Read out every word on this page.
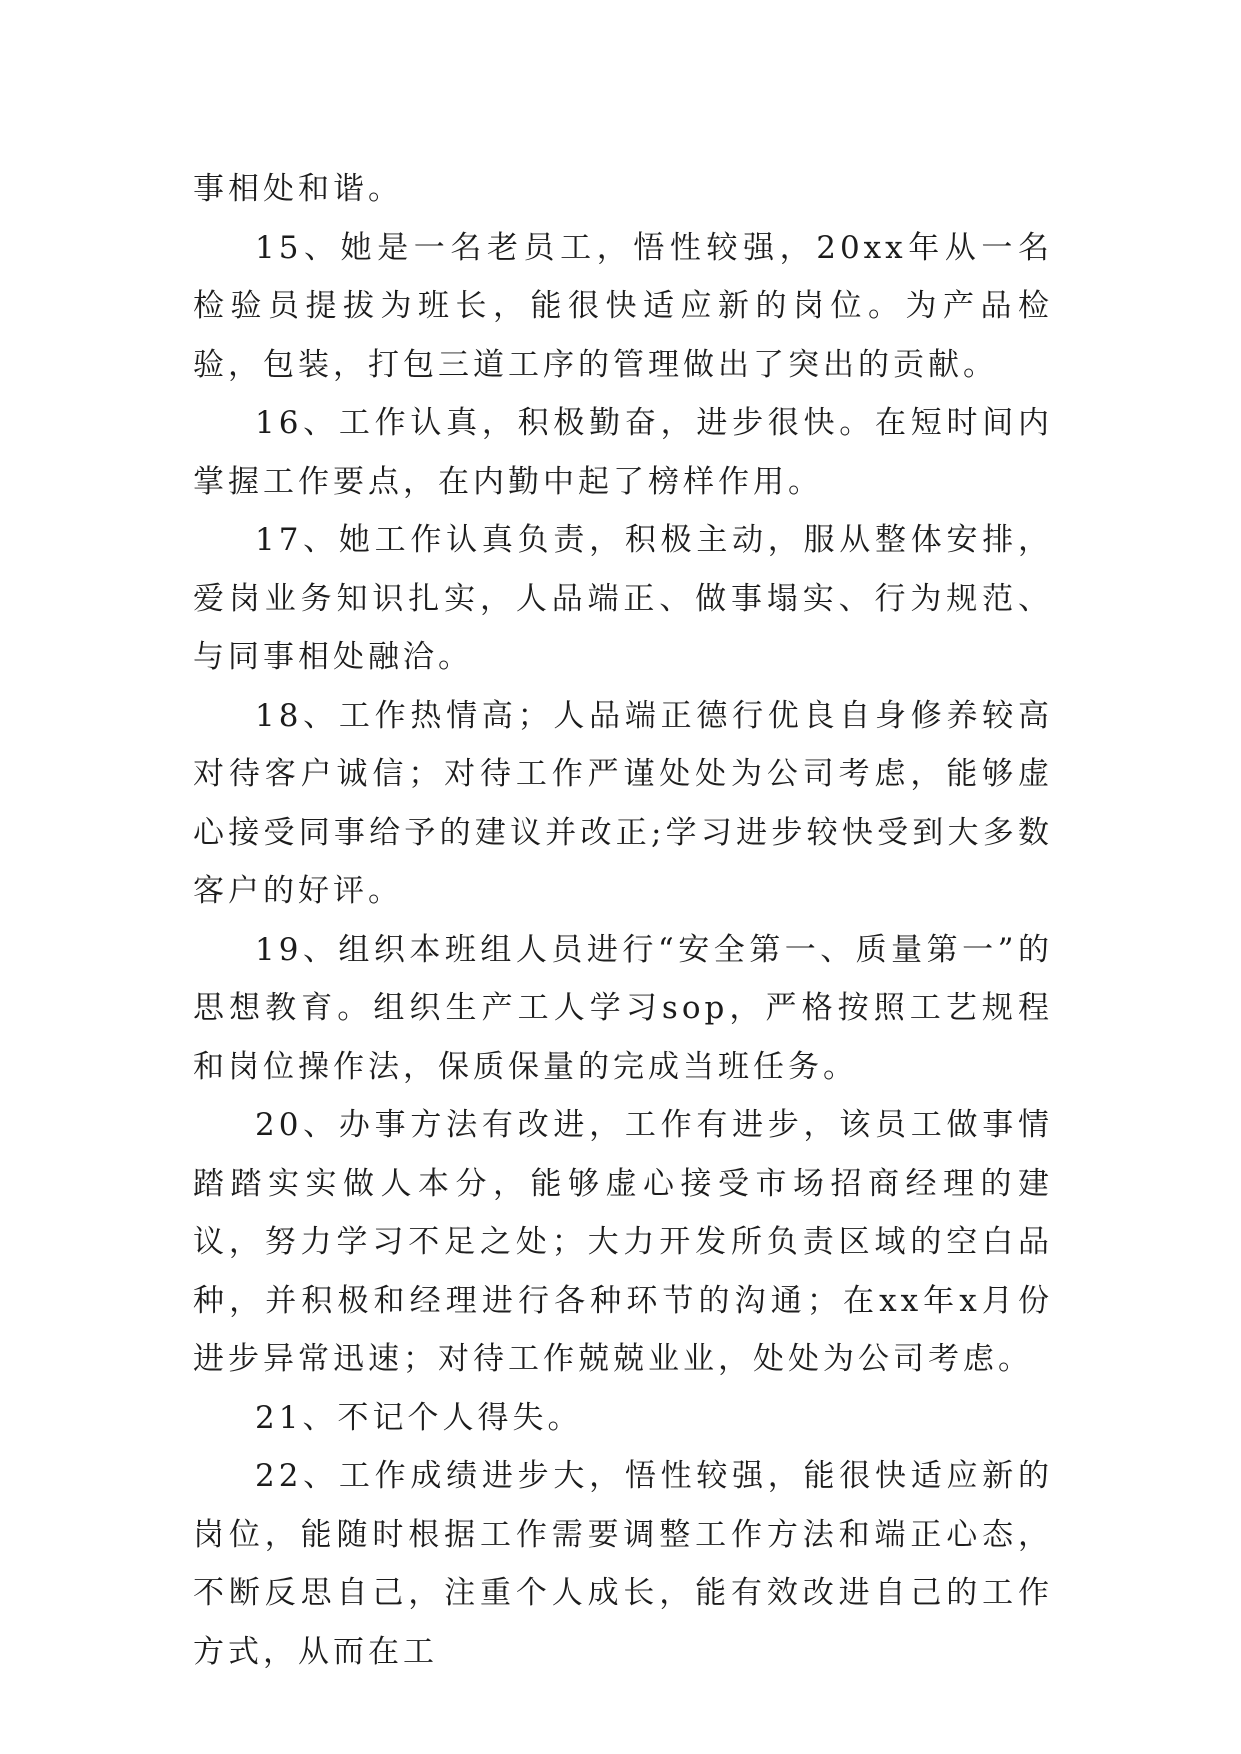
事相处和谐。

15、她是一名老员工，悟性较强，20xx年从一名检验员提拔为班长，能很快适应新的岗位。为产品检验，包装，打包三道工序的管理做出了突出的贡献。

16、工作认真，积极勤奋，进步很快。在短时间内掌握工作要点，在内勤中起了榜样作用。

17、她工作认真负责，积极主动，服从整体安排，爱岗业务知识扎实，人品端正、做事塌实、行为规范、与同事相处融洽。

18、工作热情高；人品端正德行优良自身修养较高对待客户诚信；对待工作严谨处处为公司考虑，能够虚心接受同事给予的建议并改正;学习进步较快受到大多数客户的好评。

19、组织本班组人员进行“安全第一、质量第一”的思想教育。组织生产工人学习sop，严格按照工艺规程和岗位操作法，保质保量的完成当班任务。

20、办事方法有改进，工作有进步，该员工做事情踏踏实实做人本分，能够虚心接受市场招商经理的建议，努力学习不足之处；大力开发所负责区域的空白品种，并积极和经理进行各种环节的沟通；在xx年x月份进步异常迅速；对待工作兢兢业业，处处为公司考虑。

21、不记个人得失。

22、工作成绩进步大，悟性较强，能很快适应新的岗位，能随时根据工作需要调整工作方法和端正心态，不断反思自己，注重个人成长，能有效改进自己的工作方式，从而在工
